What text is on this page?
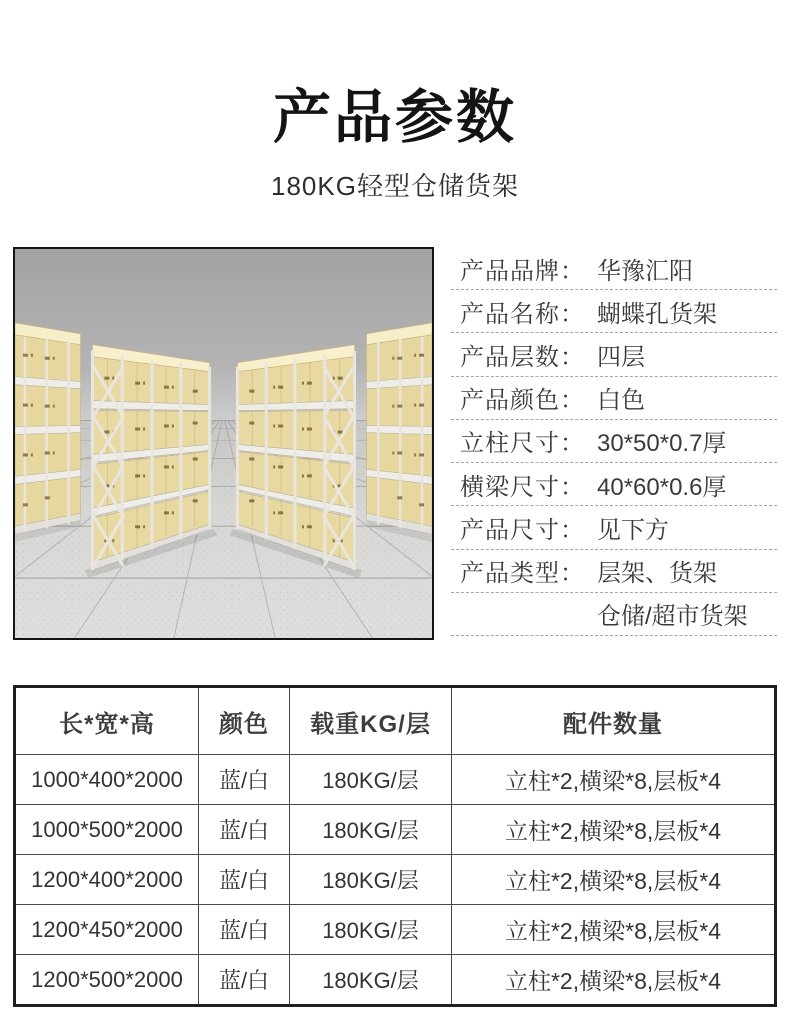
产品参数
180KG轻型仓储货架
产品品牌： 华豫汇阳
产品名称： 蝴蝶孔货架
产品层数： 四层
产品颜色： 白色
立柱尺寸： 30*50*0.7厚
横梁尺寸： 40*60*0.6厚
产品尺寸： 见下方
产品类型： 层架、货架
仓储/超市货架
长*宽*高	颜色	载重KG/层	配件数量
1000*400*2000	蓝/白	180KG/层	立柱*2,横梁*8,层板*4
1000*500*2000	蓝/白	180KG/层	立柱*2,横梁*8,层板*4
1200*400*2000	蓝/白	180KG/层	立柱*2,横梁*8,层板*4
1200*450*2000	蓝/白	180KG/层	立柱*2,横梁*8,层板*4
1200*500*2000	蓝/白	180KG/层	立柱*2,横梁*8,层板*4
